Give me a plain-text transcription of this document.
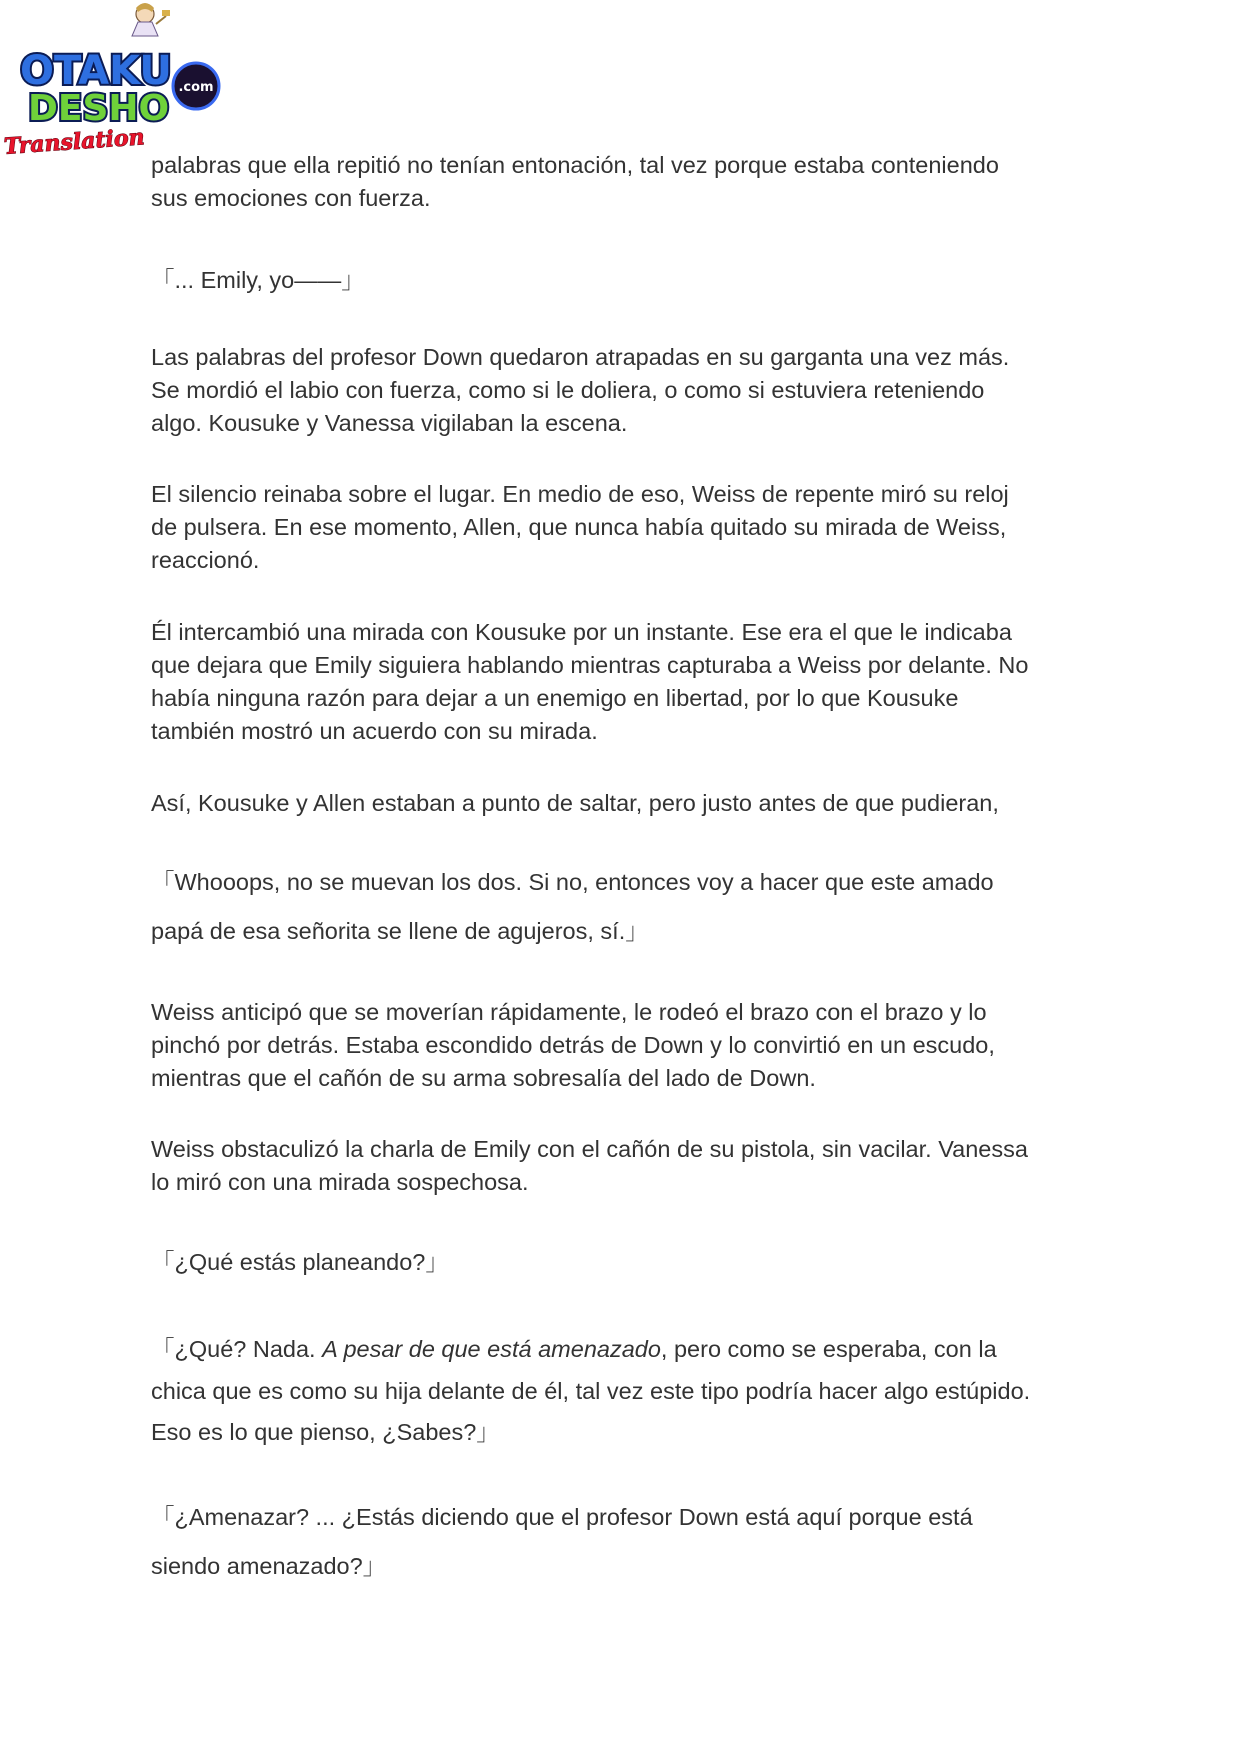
OTAKU .com
DESHO
Translation

palabras que ella repitió no tenían entonación, tal vez porque estaba conteniendo
sus emociones con fuerza.

「... Emily, yo——」

Las palabras del profesor Down quedaron atrapadas en su garganta una vez más.
Se mordió el labio con fuerza, como si le doliera, o como si estuviera reteniendo
algo. Kousuke y Vanessa vigilaban la escena.

El silencio reinaba sobre el lugar. En medio de eso, Weiss de repente miró su reloj
de pulsera. En ese momento, Allen, que nunca había quitado su mirada de Weiss,
reaccionó.

Él intercambió una mirada con Kousuke por un instante. Ese era el que le indicaba
que dejara que Emily siguiera hablando mientras capturaba a Weiss por delante. No
había ninguna razón para dejar a un enemigo en libertad, por lo que Kousuke
también mostró un acuerdo con su mirada.

Así, Kousuke y Allen estaban a punto de saltar, pero justo antes de que pudieran,

「Whooops, no se muevan los dos. Si no, entonces voy a hacer que este amado
papá de esa señorita se llene de agujeros, sí.」

Weiss anticipó que se moverían rápidamente, le rodeó el brazo con el brazo y lo
pinchó por detrás. Estaba escondido detrás de Down y lo convirtió en un escudo,
mientras que el cañón de su arma sobresalía del lado de Down.

Weiss obstaculizó la charla de Emily con el cañón de su pistola, sin vacilar. Vanessa
lo miró con una mirada sospechosa.

「¿Qué estás planeando?」

「¿Qué? Nada. A pesar de que está amenazado, pero como se esperaba, con la
chica que es como su hija delante de él, tal vez este tipo podría hacer algo estúpido.
Eso es lo que pienso, ¿Sabes?」

「¿Amenazar? ... ¿Estás diciendo que el profesor Down está aquí porque está
siendo amenazado?」
